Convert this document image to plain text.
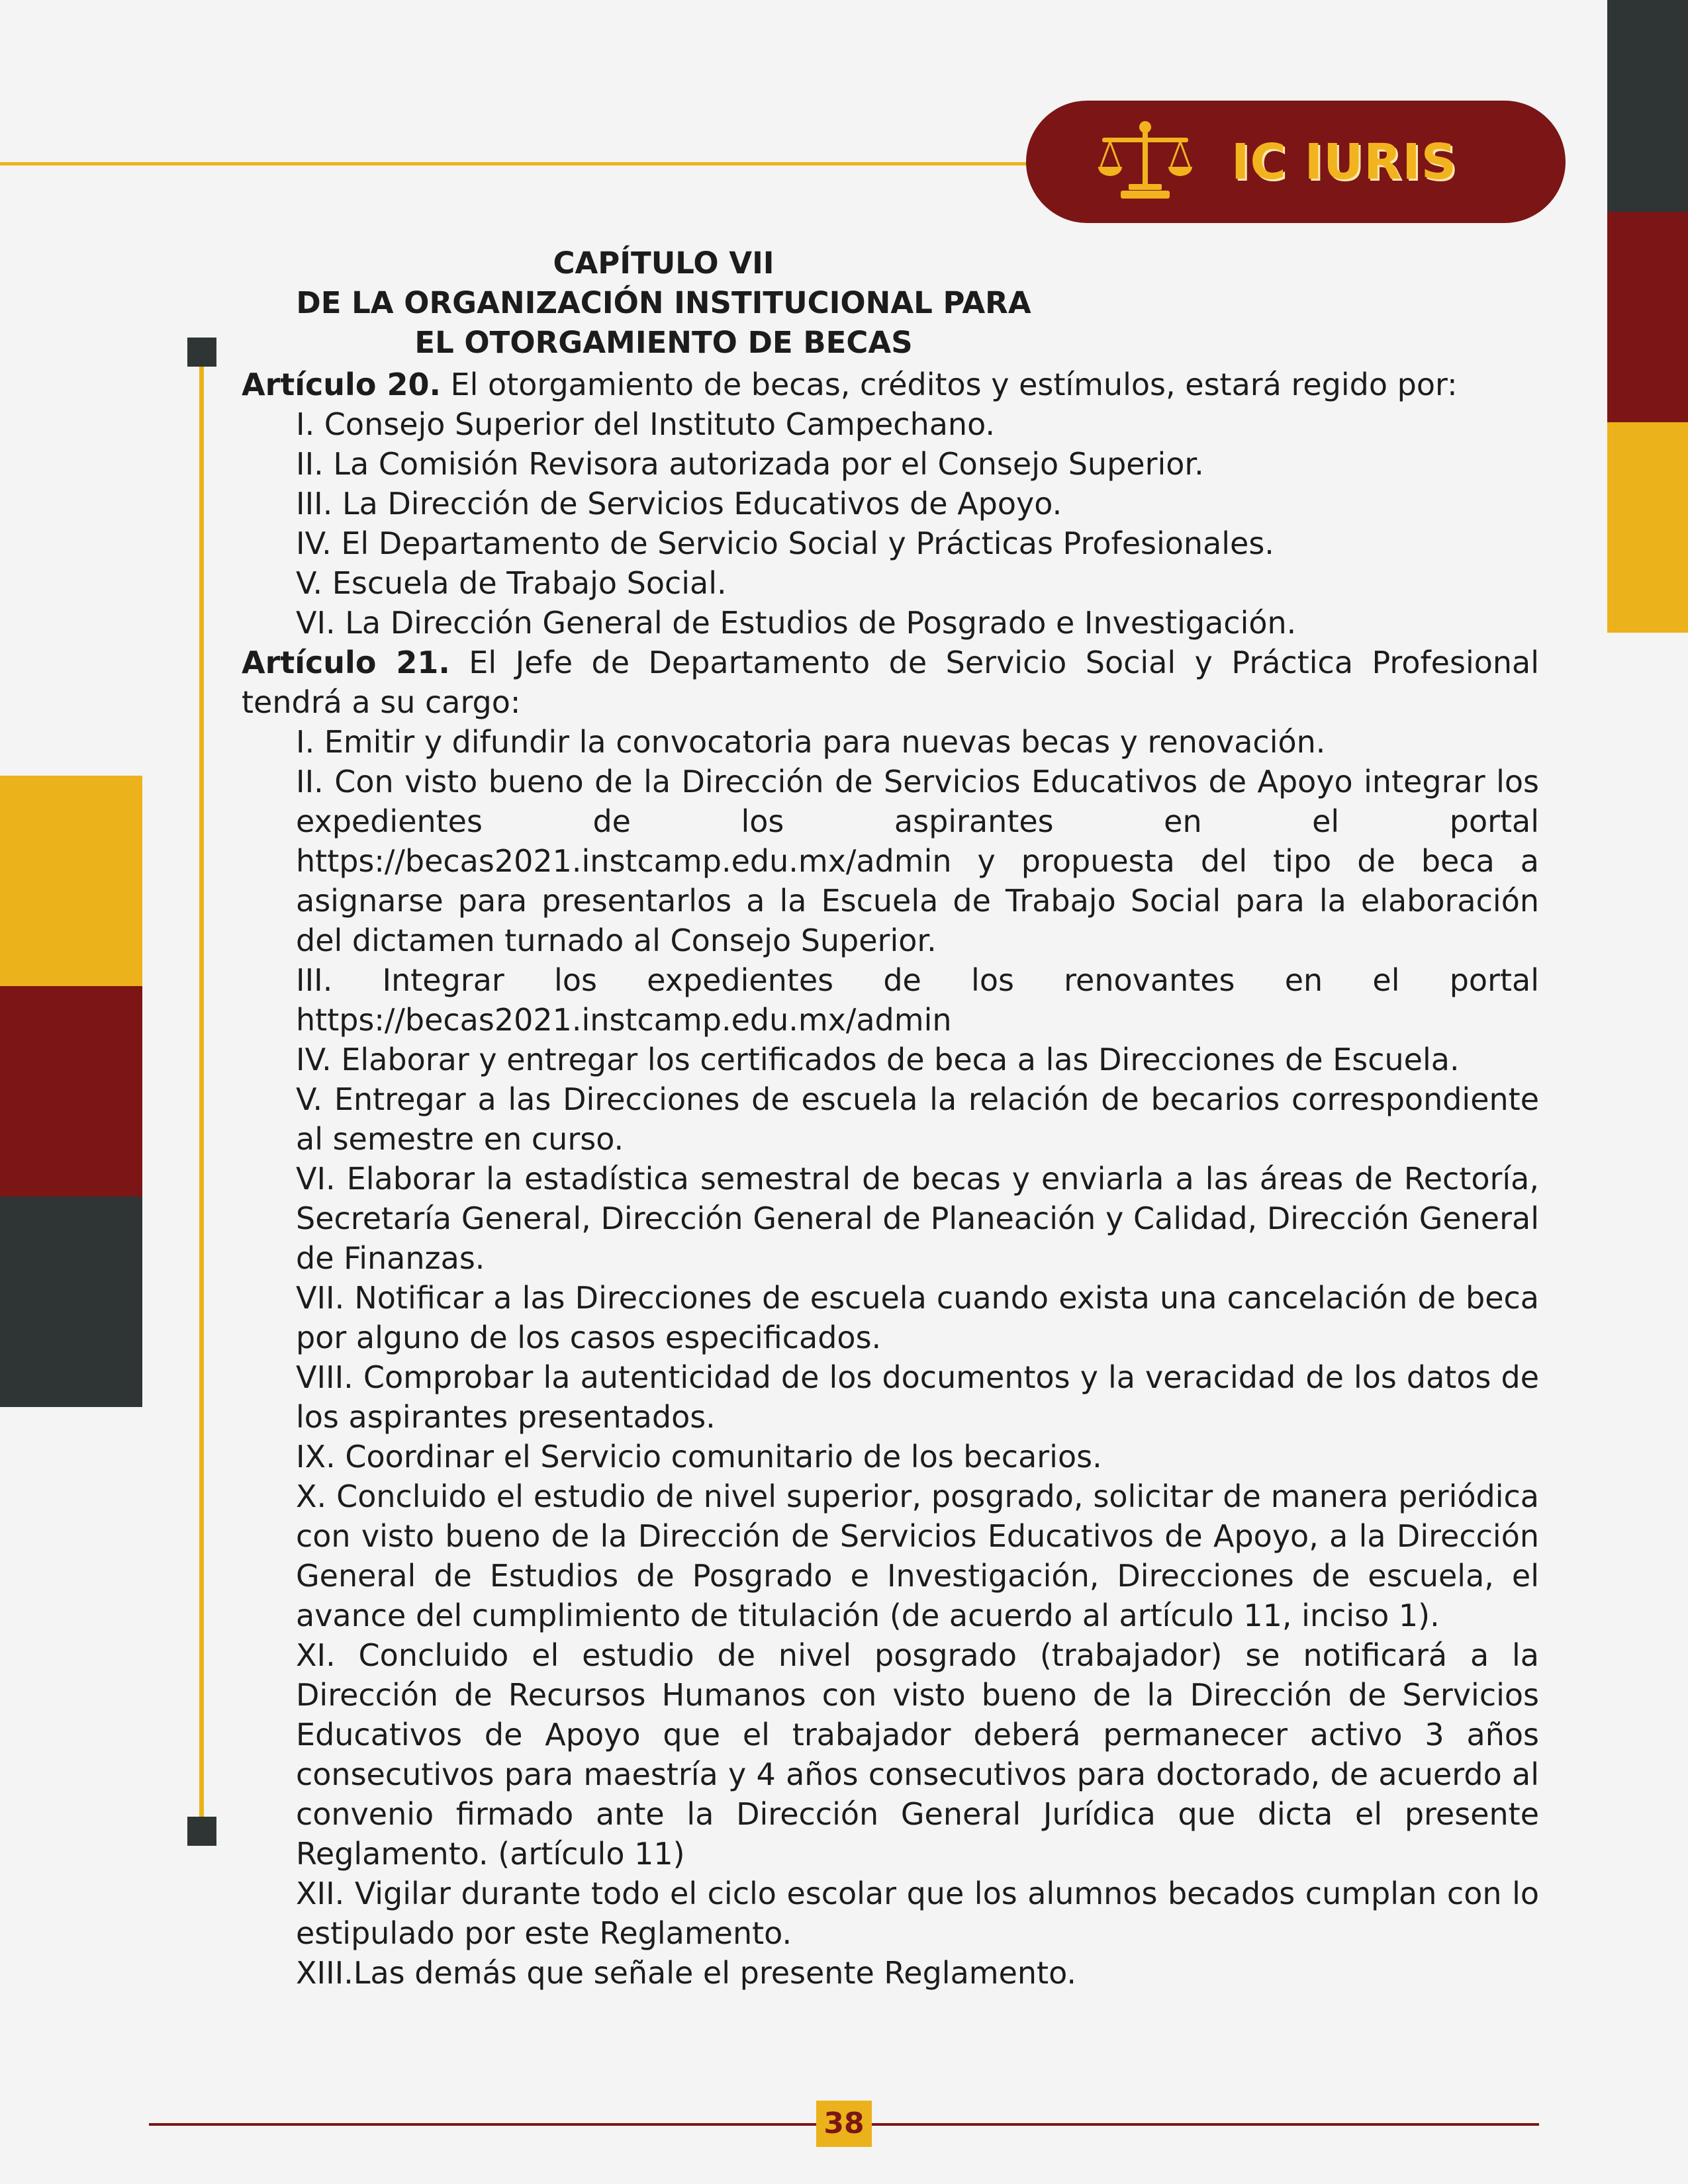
IC IURIS
CAPÍTULO VII
DE LA ORGANIZACIÓN INSTITUCIONAL PARA
EL OTORGAMIENTO DE BECAS

Artículo 20. El otorgamiento de becas, créditos y estímulos, estará regido por:

I. Consejo Superior del Instituto Campechano.

II. La Comisión Revisora autorizada por el Consejo Superior.

III. La Dirección de Servicios Educativos de Apoyo.

IV. El Departamento de Servicio Social y Prácticas Profesionales.

V. Escuela de Trabajo Social.

VI. La Dirección General de Estudios de Posgrado e Investigación.

Artículo 21. El Jefe de Departamento de Servicio Social y Práctica Profesional tendrá a su cargo:

I. Emitir y difundir la convocatoria para nuevas becas y renovación.

II. Con visto bueno de la Dirección de Servicios Educativos de Apoyo integrar los expedientes de los aspirantes en el portal https://becas2021.instcamp.edu.mx/admin y propuesta del tipo de beca a asignarse para presentarlos a la Escuela de Trabajo Social para la elaboración del dictamen turnado al Consejo Superior.

III. Integrar los expedientes de los renovantes en el portal https://becas2021.instcamp.edu.mx/admin

IV. Elaborar y entregar los certificados de beca a las Direcciones de Escuela.

V. Entregar a las Direcciones de escuela la relación de becarios correspondiente al semestre en curso.

VI. Elaborar la estadística semestral de becas y enviarla a las áreas de Rectoría, Secretaría General, Dirección General de Planeación y Calidad, Dirección General de Finanzas.

VII. Notificar a las Direcciones de escuela cuando exista una cancelación de beca por alguno de los casos especificados.

VIII. Comprobar la autenticidad de los documentos y la veracidad de los datos de los aspirantes presentados.

IX. Coordinar el Servicio comunitario de los becarios.

X. Concluido el estudio de nivel superior, posgrado, solicitar de manera periódica con visto bueno de la Dirección de Servicios Educativos de Apoyo, a la Dirección General de Estudios de Posgrado e Investigación, Direcciones de escuela, el avance del cumplimiento de titulación (de acuerdo al artículo 11, inciso 1).

XI. Concluido el estudio de nivel posgrado (trabajador) se notificará a la Dirección de Recursos Humanos con visto bueno de la Dirección de Servicios Educativos de Apoyo que el trabajador deberá permanecer activo 3 años consecutivos para maestría y 4 años consecutivos para doctorado, de acuerdo al convenio firmado ante la Dirección General Jurídica que dicta el presente Reglamento. (artículo 11)

XII. Vigilar durante todo el ciclo escolar que los alumnos becados cumplan con lo estipulado por este Reglamento.

XIII.Las demás que señale el presente Reglamento.

38
